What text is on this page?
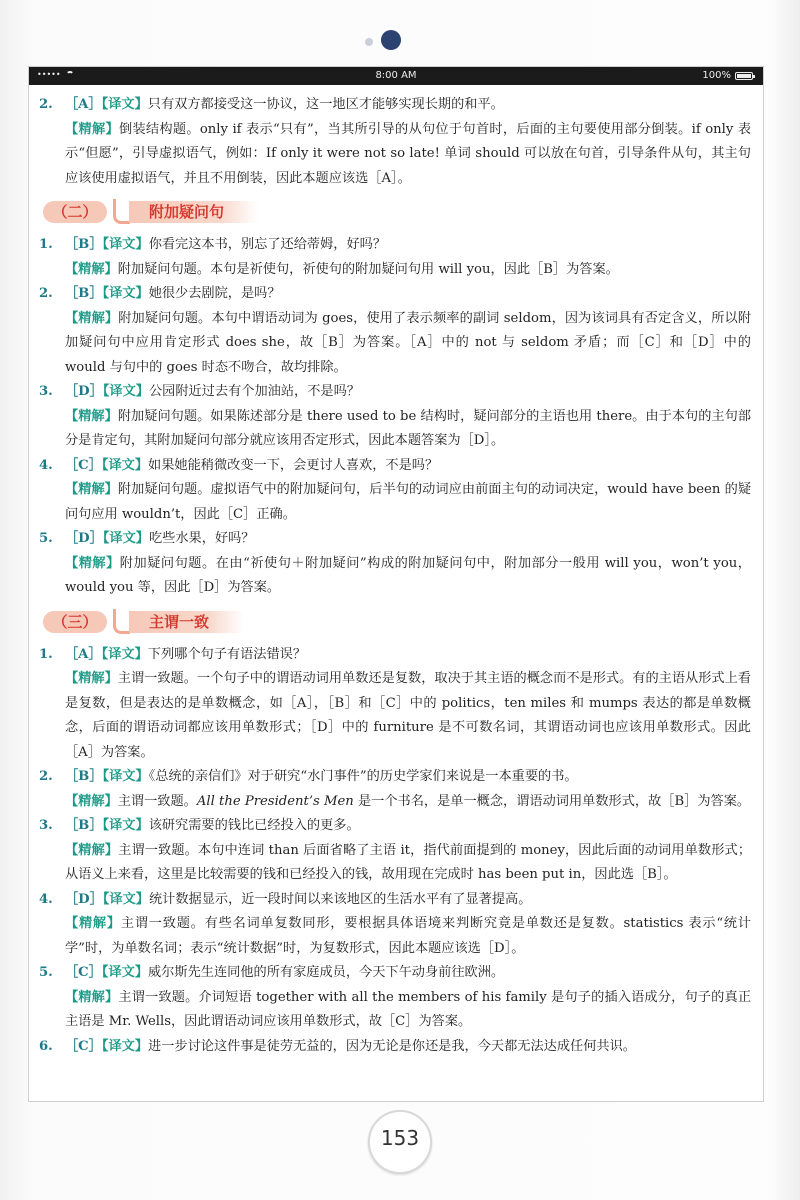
•••••	8:00 AM	100%
2. ［A］【译文】只有双方都接受这一协议，这一地区才能够实现长期的和平。
【精解】倒装结构题。only if 表示“只有”，当其所引导的从句位于句首时，后面的主句要使用部分倒装。if only 表示“但愿”，引导虚拟语气，例如：If only it were not so late! 单词 should 可以放在句首，引导条件从句，其主句应该使用虚拟语气，并且不用倒装，因此本题应该选［A］。
（二）	附加疑问句
1. ［B］【译文】你看完这本书，别忘了还给蒂姆，好吗？
【精解】附加疑问句题。本句是祈使句，祈使句的附加疑问句用 will you，因此［B］为答案。
2. ［B］【译文】她很少去剧院，是吗？
【精解】附加疑问句题。本句中谓语动词为 goes，使用了表示频率的副词 seldom，因为该词具有否定含义，所以附加疑问句中应用肯定形式 does she，故［B］为答案。［A］中的 not 与 seldom 矛盾；而［C］和［D］中的 would 与句中的 goes 时态不吻合，故均排除。
3. ［D］【译文】公园附近过去有个加油站，不是吗？
【精解】附加疑问句题。如果陈述部分是 there used to be 结构时，疑问部分的主语也用 there。由于本句的主句部分是肯定句，其附加疑问句部分就应该用否定形式，因此本题答案为［D］。
4. ［C］【译文】如果她能稍微改变一下，会更讨人喜欢，不是吗？
【精解】附加疑问句题。虚拟语气中的附加疑问句，后半句的动词应由前面主句的动词决定，would have been 的疑问句应用 wouldn’t，因此［C］正确。
5. ［D］【译文】吃些水果，好吗？
【精解】附加疑问句题。在由“祈使句＋附加疑问”构成的附加疑问句中，附加部分一般用 will you，won’t you，would you 等，因此［D］为答案。
（三）	主谓一致
1. ［A］【译文】下列哪个句子有语法错误？
【精解】主谓一致题。一个句子中的谓语动词用单数还是复数，取决于其主语的概念而不是形式。有的主语从形式上看是复数，但是表达的是单数概念，如［A］，［B］和［C］中的 politics，ten miles 和 mumps 表达的都是单数概念，后面的谓语动词都应该用单数形式；［D］中的 furniture 是不可数名词，其谓语动词也应该用单数形式。因此［A］为答案。
2. ［B］【译文】《总统的亲信们》对于研究“水门事件”的历史学家们来说是一本重要的书。
【精解】主谓一致题。All the President’s Men 是一个书名，是单一概念，谓语动词用单数形式，故［B］为答案。
3. ［B］【译文】该研究需要的钱比已经投入的更多。
【精解】主谓一致题。本句中连词 than 后面省略了主语 it，指代前面提到的 money，因此后面的动词用单数形式；从语义上来看，这里是比较需要的钱和已经投入的钱，故用现在完成时 has been put in，因此选［B］。
4. ［D］【译文】统计数据显示，近一段时间以来该地区的生活水平有了显著提高。
【精解】主谓一致题。有些名词单复数同形，要根据具体语境来判断究竟是单数还是复数。statistics 表示“统计学”时，为单数名词；表示“统计数据”时，为复数形式，因此本题应该选［D］。
5. ［C］【译文】威尔斯先生连同他的所有家庭成员，今天下午动身前往欧洲。
【精解】主谓一致题。介词短语 together with all the members of his family 是句子的插入语成分，句子的真正主语是 Mr. Wells，因此谓语动词应该用单数形式，故［C］为答案。
6. ［C］【译文】进一步讨论这件事是徒劳无益的，因为无论是你还是我，今天都无法达成任何共识。
153
